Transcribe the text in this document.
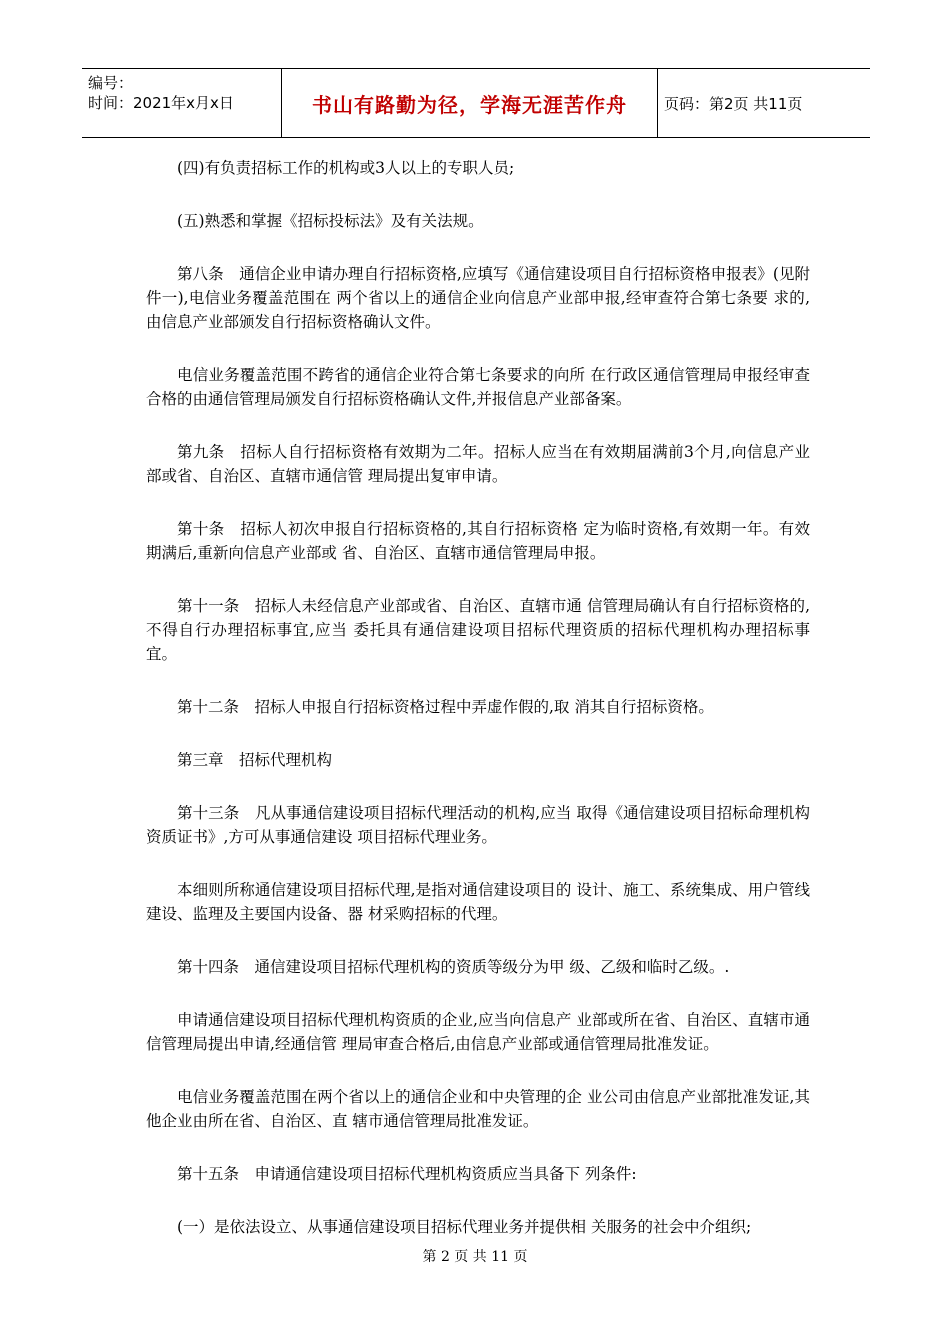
编号：
时间：2021年x月x日	书山有路勤为径，学海无涯苦作舟	页码：第2页 共11页

(四)有负责招标工作的机构或3人以上的专职人员;

(五)熟悉和掌握《招标投标法》及有关法规。

第八条　通信企业申请办理自行招标资格,应填写《通信建设项目自行招标资格申报表》(见附件一),电信业务覆盖范围在 两个省以上的通信企业向信息产业部申报,经审查符合第七条要 求的,由信息产业部颁发自行招标资格确认文件。

电信业务覆盖范围不跨省的通信企业符合第七条要求的向所 在行政区通信管理局申报经审查合格的由通信管理局颁发自行招标资格确认文件,并报信息产业部备案。

第九条　招标人自行招标资格有效期为二年。招标人应当在有效期届满前3个月,向信息产业部或省、自治区、直辖市通信管 理局提出复审申请。

第十条　招标人初次申报自行招标资格的,其自行招标资格 定为临时资格,有效期一年。有效期满后,重新向信息产业部或 省、自治区、直辖市通信管理局申报。

第十一条　招标人未经信息产业部或省、自治区、直辖市通 信管理局确认有自行招标资格的,不得自行办理招标事宜,应当 委托具有通信建设项目招标代理资质的招标代理机构办理招标事 宜。

第十二条　招标人申报自行招标资格过程中弄虚作假的,取 消其自行招标资格。

第三章　招标代理机构

第十三条　凡从事通信建设项目招标代理活动的机构,应当 取得《通信建设项目招标命理机构资质证书》,方可从事通信建设 项目招标代理业务。

本细则所称通信建设项目招标代理,是指对通信建设项目的 设计、施工、系统集成、用户管线建设、监理及主要国内设备、器 材采购招标的代理。

第十四条　通信建设项目招标代理机构的资质等级分为甲 级、乙级和临时乙级。.

申请通信建设项目招标代理机构资质的企业,应当向信息产 业部或所在省、自治区、直辖市通信管理局提出申请,经通信管 理局审查合格后,由信息产业部或通信管理局批准发证。

电信业务覆盖范围在两个省以上的通信企业和中央管理的企 业公司由信息产业部批准发证,其他企业由所在省、自治区、直 辖市通信管理局批准发证。

第十五条　申请通信建设项目招标代理机构资质应当具备下 列条件:

(一）是依法设立、从事通信建设项目招标代理业务并提供相 关服务的社会中介组织;

第 2 页 共 11 页
